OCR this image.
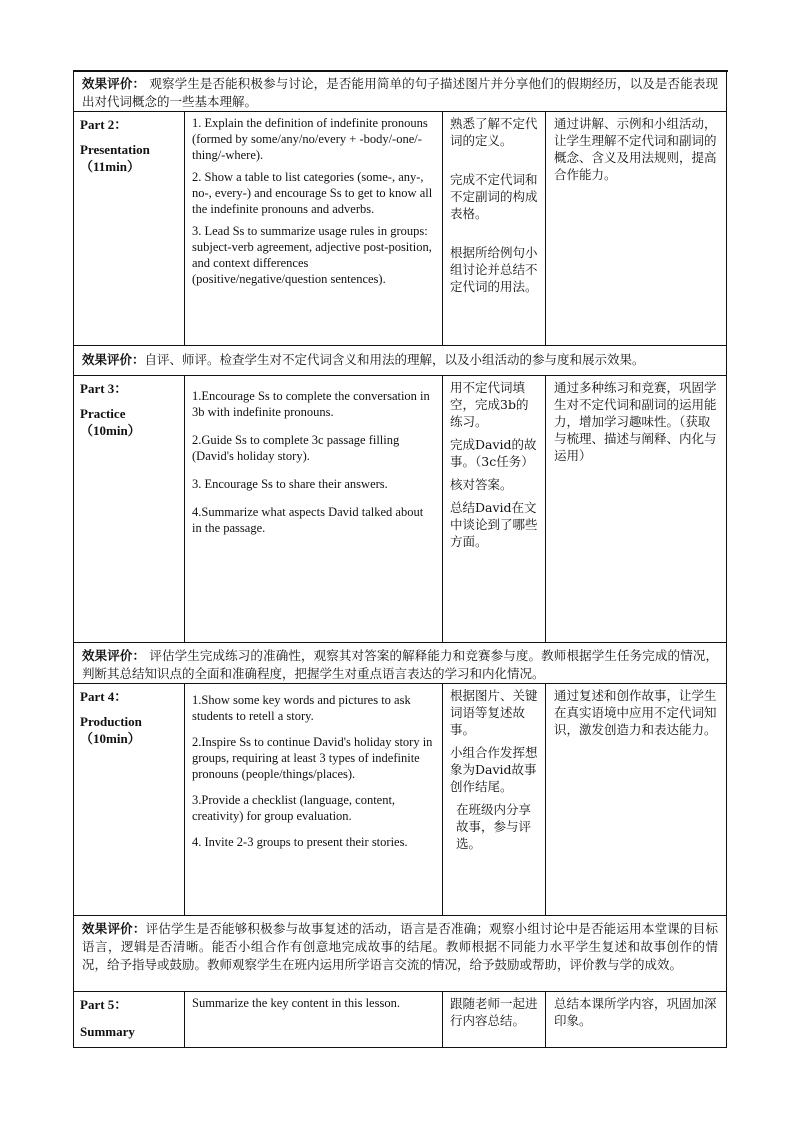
效果评价： 观察学生是否能积极参与讨论，是否能用简单的句子描述图片并分享他们的假期经历，以及是否能表现出对代词概念的一些基本理解。
Part 2：
Presentation
（11min）

1. Explain the definition of indefinite pronouns (formed by some/any/no/every + -body/-one/-thing/-where).

2. Show a table to list categories (some-, any-, no-, every-) and encourage Ss to get to know all the indefinite pronouns and adverbs.

3. Lead Ss to summarize usage rules in groups: subject-verb agreement, adjective post-position, and context differences (positive/negative/question sentences).

熟悉了解不定代词的定义。

完成不定代词和不定副词的构成表格。

根据所给例句小组讨论并总结不定代词的用法。

通过讲解、示例和小组活动，让学生理解不定代词和副词的概念、含义及用法规则，提高合作能力。
效果评价：自评、师评。检查学生对不定代词含义和用法的理解，以及小组活动的参与度和展示效果。
Part 3：
Practice
（10min）

1.Encourage Ss to complete the conversation in 3b with indefinite pronouns.

2.Guide Ss to complete 3c passage filling (David's holiday story).

3. Encourage Ss to share their answers.

4.Summarize what aspects David talked about in the passage.

用不定代词填空，完成3b的练习。

完成David的故事。（3c任务）

核对答案。

总结David在文中谈论到了哪些方面。

通过多种练习和竞赛，巩固学生对不定代词和副词的运用能力，增加学习趣味性。（获取与梳理、描述与阐释、内化与运用）
效果评价： 评估学生完成练习的准确性，观察其对答案的解释能力和竞赛参与度。教师根据学生任务完成的情况，判断其总结知识点的全面和准确程度，把握学生对重点语言表达的学习和内化情况。
Part 4：
Production
（10min）

1.Show some key words and pictures to ask students to retell a story.

2.Inspire Ss to continue David's holiday story in groups, requiring at least 3 types of indefinite pronouns (people/things/places).

3.Provide a checklist (language, content, creativity) for group evaluation.

4. Invite 2-3 groups to present their stories.

根据图片、关键词语等复述故事。

小组合作发挥想象为David故事创作结尾。

在班级内分享故事，参与评选。

通过复述和创作故事，让学生在真实语境中应用不定代词知识，激发创造力和表达能力。
效果评价：评估学生是否能够积极参与故事复述的活动，语言是否准确；观察小组讨论中是否能运用本堂课的目标语言，逻辑是否清晰。能否小组合作有创意地完成故事的结尾。教师根据不同能力水平学生复述和故事创作的情况，给予指导或鼓励。教师观察学生在班内运用所学语言交流的情况，给予鼓励或帮助，评价教与学的成效。
Part 5：
Summary

Summarize the key content in this lesson.	跟随老师一起进行内容总结。

总结本课所学内容，巩固加深印象。
